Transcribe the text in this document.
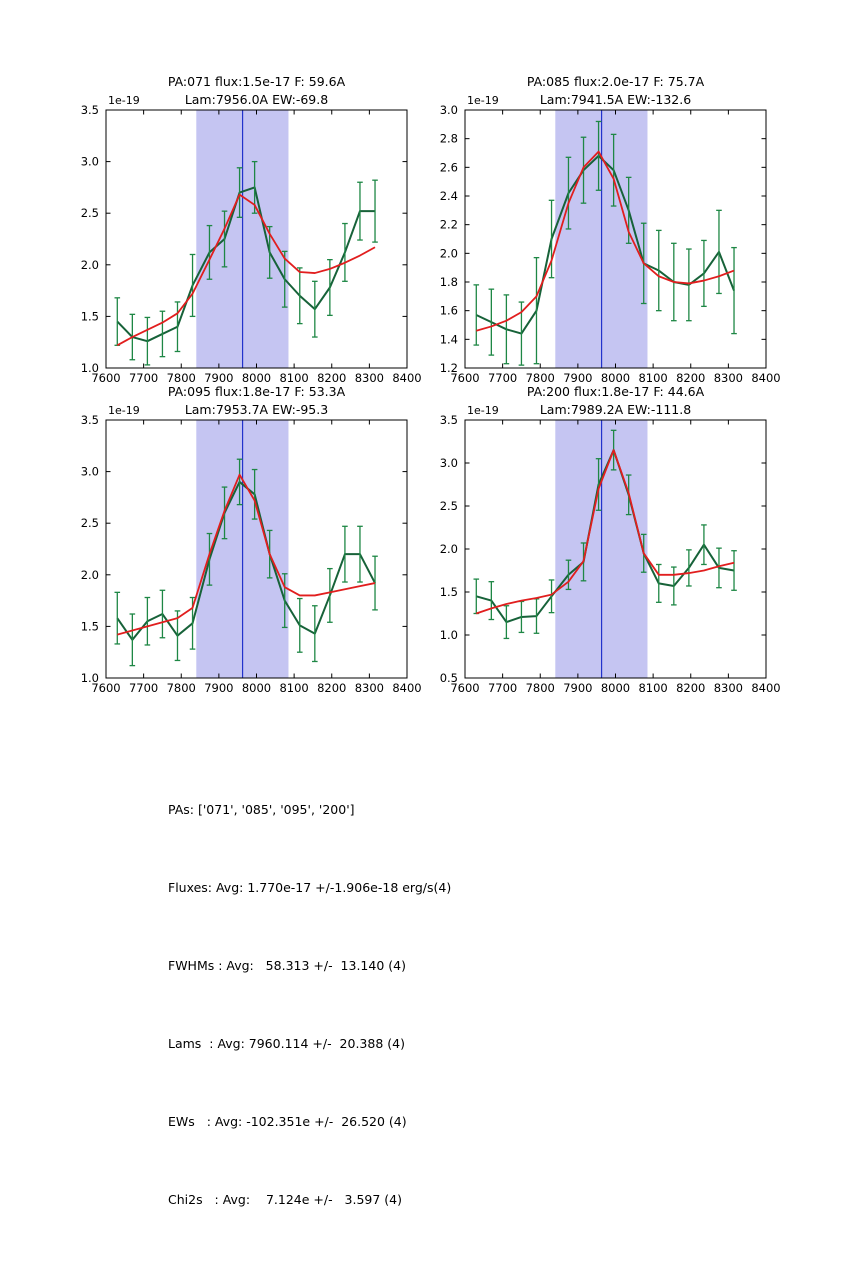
7600 7700 7800 7900 8000 8100 8200 8300 8400
1.0
1.5
2.0
2.5
3.0
3.5
1e-19
PA:071 flux:1.5e-17 F: 59.6A
Lam:7956.0A EW:-69.8
7600 7700 7800 7900 8000 8100 8200 8300 8400
1.2
1.4
1.6
1.8
2.0
2.2
2.4
2.6
2.8
3.0
1e-19
PA:085 flux:2.0e-17 F: 75.7A
Lam:7941.5A EW:-132.6
7600 7700 7800 7900 8000 8100 8200 8300 8400
1.0
1.5
2.0
2.5
3.0
3.5
1e-19
PA:095 flux:1.8e-17 F: 53.3A
Lam:7953.7A EW:-95.3
7600 7700 7800 7900 8000 8100 8200 8300 8400
0.5
1.0
1.5
2.0
2.5
3.0
3.5
1e-19
PA:200 flux:1.8e-17 F: 44.6A
Lam:7989.2A EW:-111.8

PAs: ['071', '085', '095', '200']

Fluxes: Avg: 1.770e-17 +/-1.906e-18 erg/s(4)

FWHMs : Avg:   58.313 +/-  13.140 (4)

Lams  : Avg: 7960.114 +/-  20.388 (4)

EWs   : Avg: -102.351e +/-  26.520 (4)

Chi2s   : Avg:    7.124e +/-   3.597 (4)
